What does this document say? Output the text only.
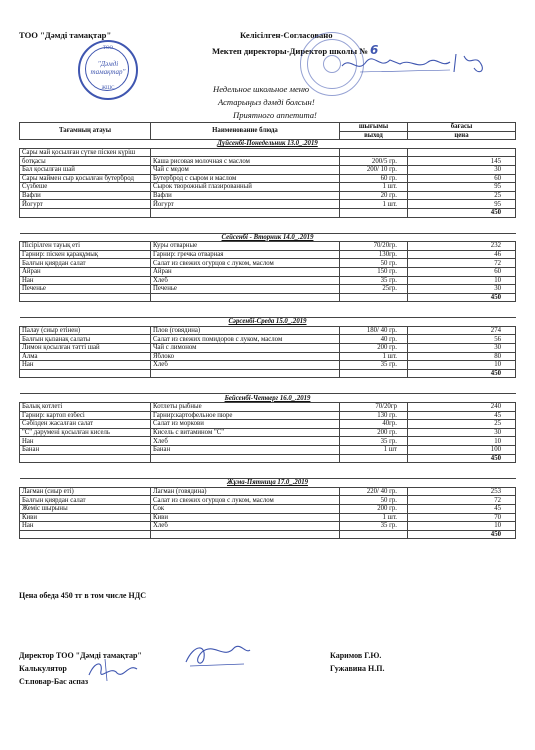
ТОО "Дәмді тамақтар"	Келісілген-Согласовано
Мектеп директоры-Директор школы № 6
ТОО
"Дәмді
тамақтар"
ЖШС	Недельное школьное меню
Астарыңыз дәмді болсын!
Приятного аппетита!
Тағамның атауы	Наименование блюда	шығымы	бағасы
		выход	цена
Дүйсенбі-Понедельник 13.0_.2019			
Сары май қосылған сүтке піскен күріш			
ботқасы	Каша рисовая молочная с маслом	200/5 гр.	145
Бал қосылған шай	Чай с медом	200/ 10 гр.	30
Сары маймен сыр қосылған бутерброд	Бутерброд с сыром и маслом	60 гр.	60
Сүзбеше	Сырок творожный глазированный	1 шт.	95
Вафли	Вафли	20 гр.	25
Йогурт	Йогурт	1 шт.	95
			450

Сейсенбі - Вторник 14.0_.2019			
Пісірілген тауық еті	Куры отварные	70/20гр.	232
Гарнир: піскен қарақұмық	Гарнир: гречка отварная	130гр.	46
Балғын қиярдан салат	Салат из свежих огурцов с луком, маслом	50 гр.	72
Айран	Айран	150 гр.	60
Нан	Хлеб	35 гр.	10
Печенье	Печенье	25гр.	30
			450

Сәрсенбі-Среда 15.0_.2019			
Палау (сиыр етінен)	Плов (говядина)	180/ 40 гр.	274
Балғын қызанақ салаты	Салат из свежих помидоров с луком, маслом	40 гр.	56
Лимон қосылған тәтті шай	Чай с лимоном	200 гр.	30
Алма	Яблоко	1 шт.	80
Нан	Хлеб	35 гр.	10
			450

Бейсенбі-Четверг 16.0_.2019			
Балық котлеті	Котлеты рыбные	70/20гр	240
Гарнир: картоп езбесі	Гарнир:картофельное пюре	130 гр.	45
Сәбізден жасалған салат	Салат из моркови	40гр.	25
"С" дәрумені қосылған кисель	Кисель с витамином "С"	200 гр.	30
Нан	Хлеб	35 гр.	10
Банан	Банан	1 шт	100
			450

Жұма-Пятница 17.0_.2019			
Лағман (сиыр еті)	Лагман (говядина)	220/ 40 гр.	253
Балғын қиярдан салат	Салат из свежих огурцов с луком, маслом	50 гр.	72
Жеміс шырыны	Сок	200 гр.	45
Киви	Киви	1 шт.	70
Нан	Хлеб	35 гр.	10
			450
Цена обеда 450 тг в том числе НДС
Директор ТОО "Дәмді тамақтар"	Каримов Г.Ю.
Калькулятор	Гужавина Н.П.
Ст.повар-Бас аспаз
